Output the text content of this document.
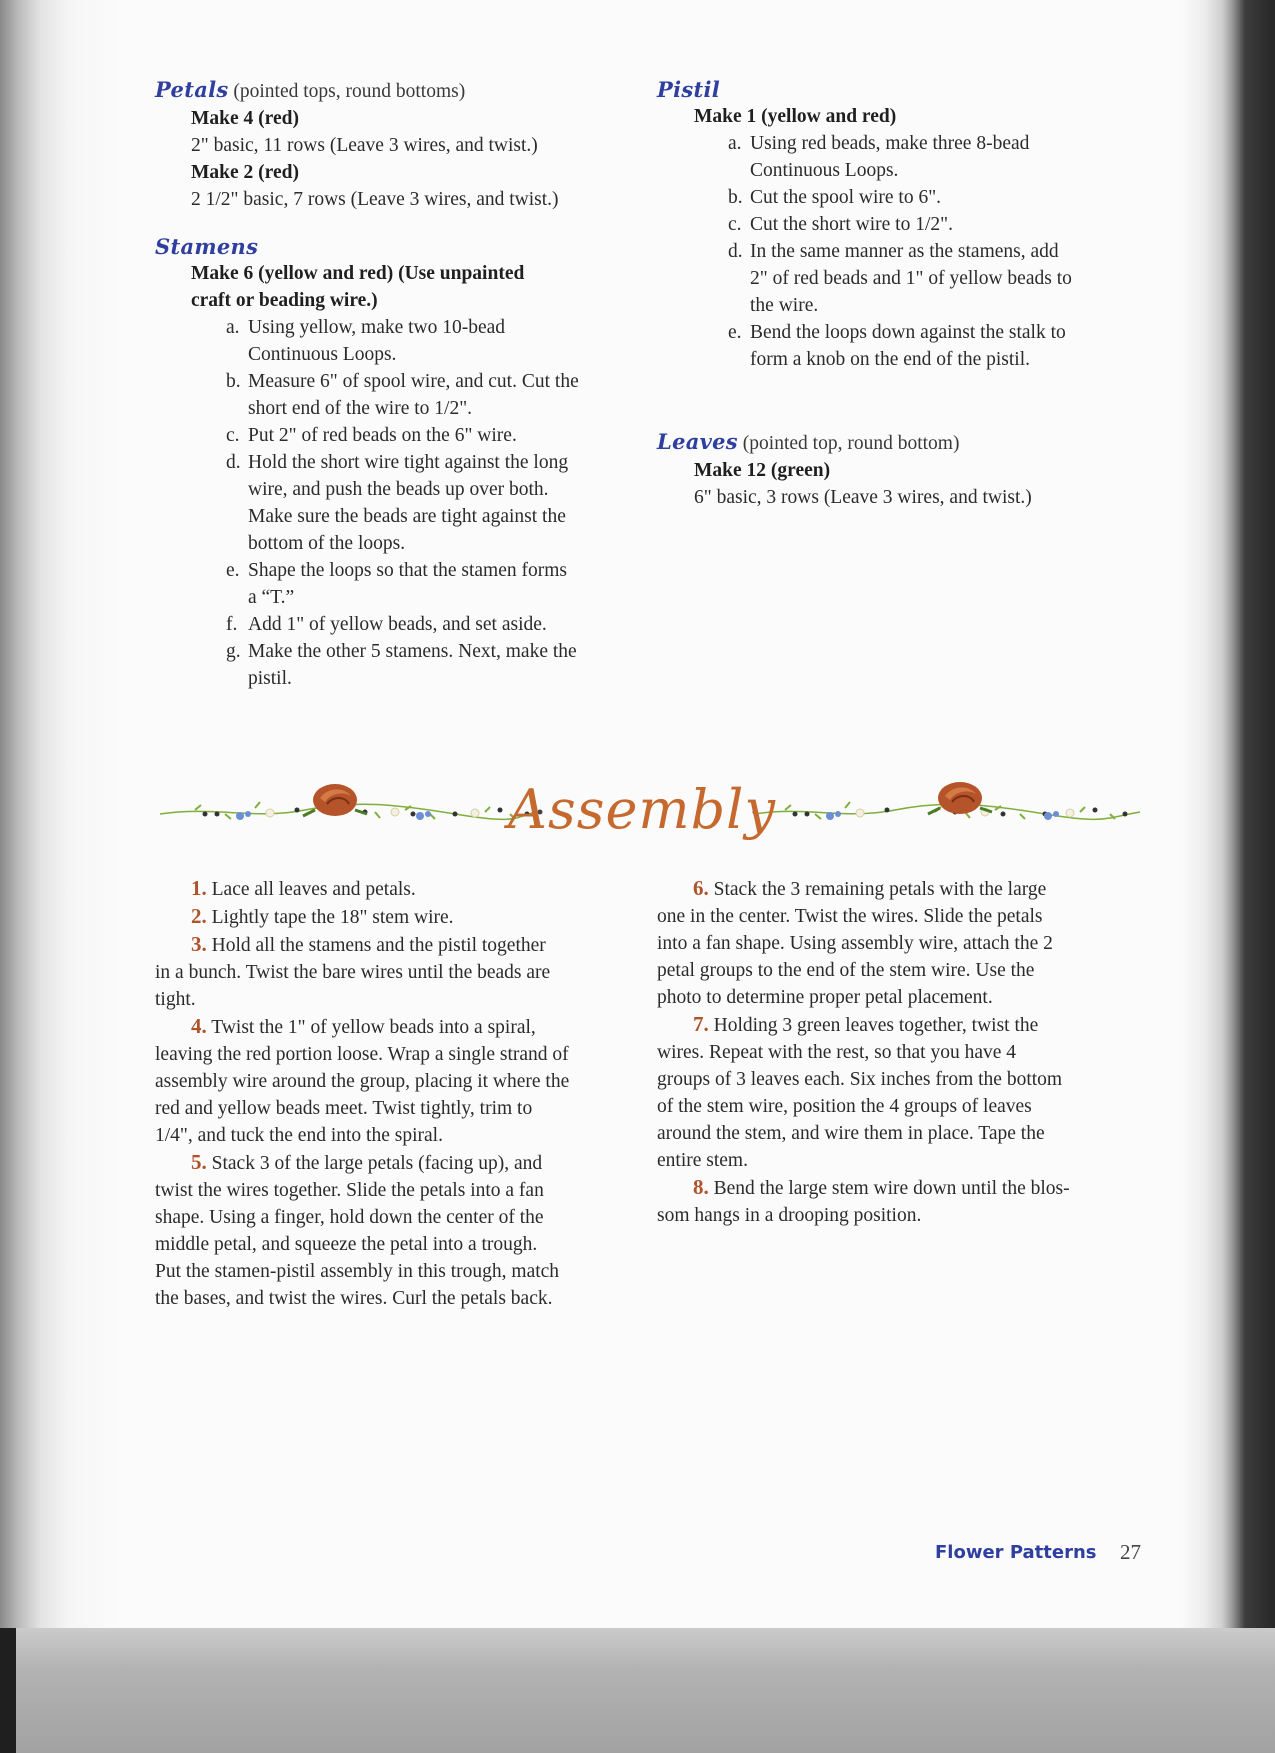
Petals (pointed tops, round bottoms)
Make 4 (red)
2" basic, 11 rows (Leave 3 wires, and twist.)
Make 2 (red)
2 1/2" basic, 7 rows (Leave 3 wires, and twist.)
Stamens
Make 6 (yellow and red) (Use unpainted
craft or beading wire.)
a. Using yellow, make two 10-bead
Continuous Loops.
b. Measure 6" of spool wire, and cut. Cut the
short end of the wire to 1/2".
c. Put 2" of red beads on the 6" wire.
d. Hold the short wire tight against the long
wire, and push the beads up over both.
Make sure the beads are tight against the
bottom of the loops.
e. Shape the loops so that the stamen forms
a “T.”
f. Add 1" of yellow beads, and set aside.
g. Make the other 5 stamens. Next, make the
pistil.
Pistil
Make 1 (yellow and red)
a. Using red beads, make three 8-bead
Continuous Loops.
b. Cut the spool wire to 6".
c. Cut the short wire to 1/2".
d. In the same manner as the stamens, add
2" of red beads and 1" of yellow beads to
the wire.
e. Bend the loops down against the stalk to
form a knob on the end of the pistil.
Leaves (pointed top, round bottom)
Make 12 (green)
6" basic, 3 rows (Leave 3 wires, and twist.)
Assembly
1. Lace all leaves and petals.
2. Lightly tape the 18" stem wire.
3. Hold all the stamens and the pistil together
in a bunch. Twist the bare wires until the beads are
tight.
4. Twist the 1" of yellow beads into a spiral,
leaving the red portion loose. Wrap a single strand of
assembly wire around the group, placing it where the
red and yellow beads meet. Twist tightly, trim to
1/4", and tuck the end into the spiral.
5. Stack 3 of the large petals (facing up), and
twist the wires together. Slide the petals into a fan
shape. Using a finger, hold down the center of the
middle petal, and squeeze the petal into a trough.
Put the stamen-pistil assembly in this trough, match
the bases, and twist the wires. Curl the petals back.
6. Stack the 3 remaining petals with the large
one in the center. Twist the wires. Slide the petals
into a fan shape. Using assembly wire, attach the 2
petal groups to the end of the stem wire. Use the
photo to determine proper petal placement.
7. Holding 3 green leaves together, twist the
wires. Repeat with the rest, so that you have 4
groups of 3 leaves each. Six inches from the bottom
of the stem wire, position the 4 groups of leaves
around the stem, and wire them in place. Tape the
entire stem.
8. Bend the large stem wire down until the blos-
som hangs in a drooping position.
Flower Patterns 27
